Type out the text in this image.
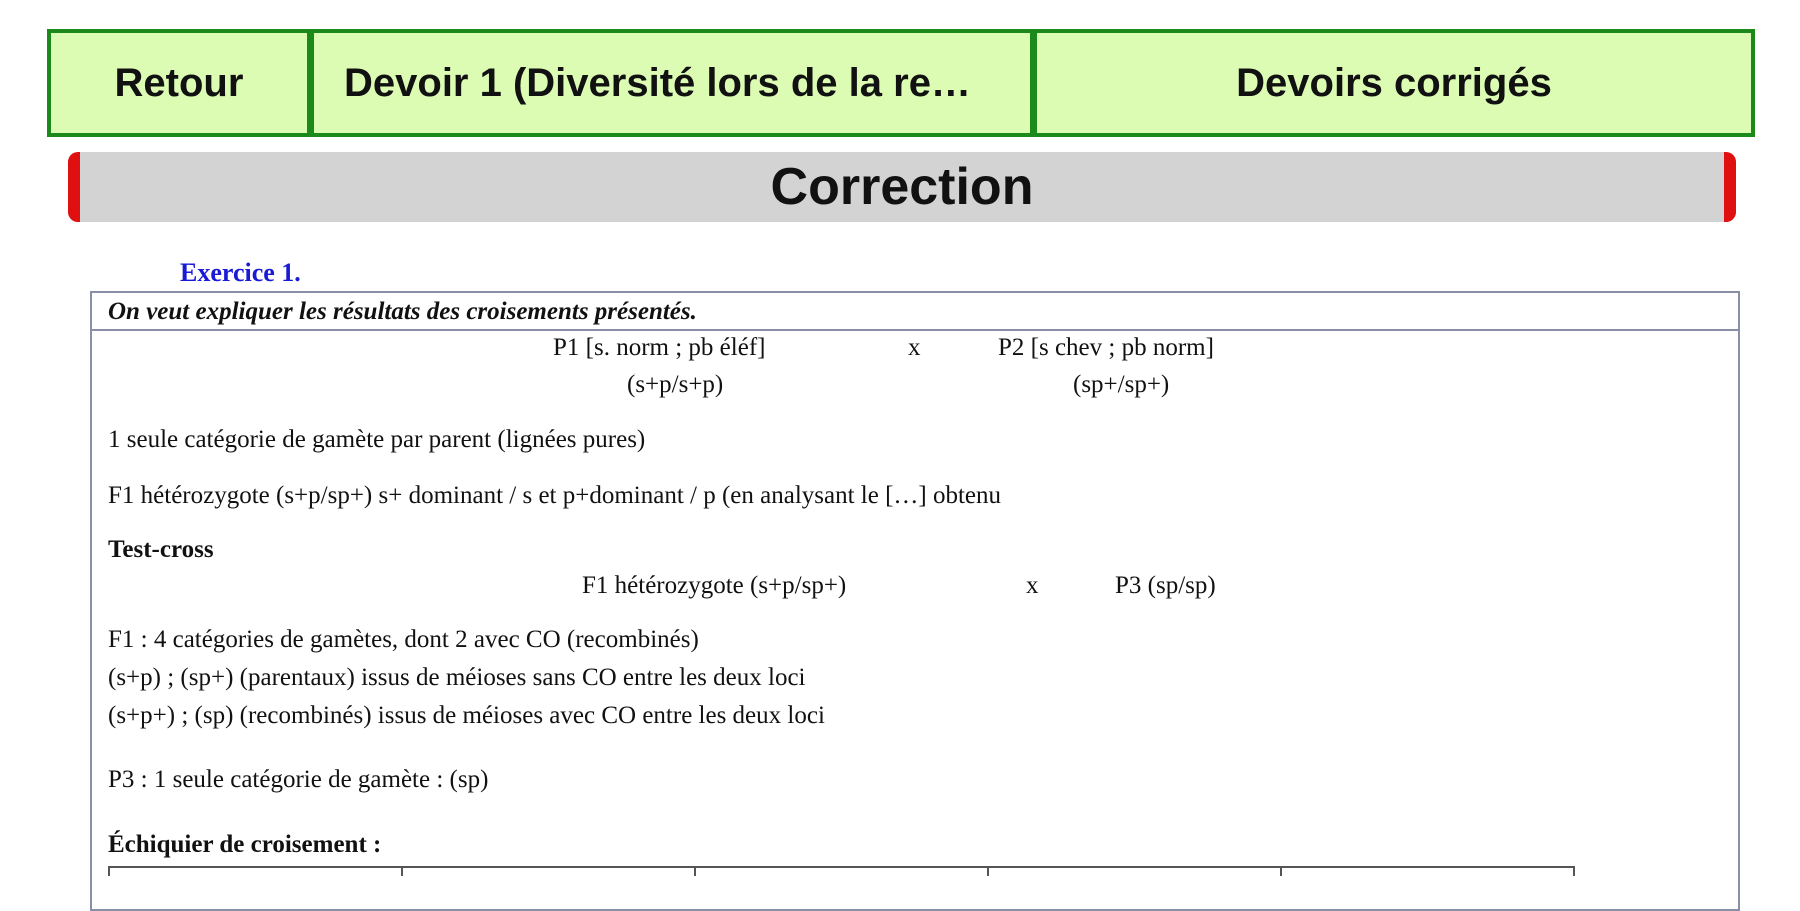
Retour	Devoir 1 (Diversité lors de la re…	Devoirs corrigés
Correction
Exercice 1.
On veut expliquer les résultats des croisements présentés.
P1 [s. norm ; pb éléf]	x	P2 [s chev ; pb norm]
(s+p/s+p)	(sp+/sp+)
1 seule catégorie de gamète par parent (lignées pures)
F1 hétérozygote (s+p/sp+) s+ dominant / s et p+dominant / p (en analysant le […] obtenu
Test-cross
F1 hétérozygote (s+p/sp+)	x	P3 (sp/sp)
F1 : 4 catégories de gamètes, dont 2 avec CO (recombinés)
(s+p) ; (sp+) (parentaux) issus de méioses sans CO entre les deux loci
(s+p+) ; (sp) (recombinés) issus de méioses avec CO entre les deux loci
P3 : 1 seule catégorie de gamète : (sp)
Échiquier de croisement :
